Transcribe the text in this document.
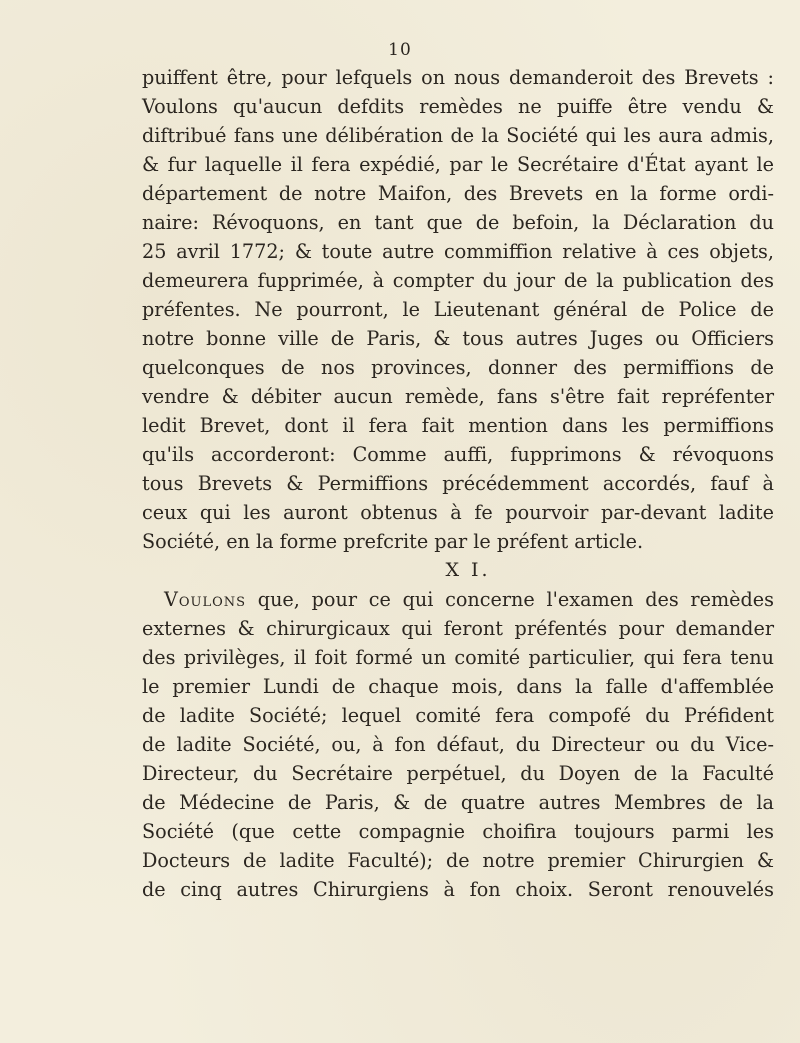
10
puiffent être, pour lefquels on nous demanderoit des Brevets :
Voulons qu'aucun defdits remèdes ne puiffe être vendu &
diftribué fans une délibération de la Société qui les aura admis,
& fur laquelle il fera expédié, par le Secrétaire d'État ayant le
département de notre Maifon, des Brevets en la forme ordi-
naire: Révoquons, en tant que de befoin, la Déclaration du
25 avril 1772; & toute autre commiffion relative à ces objets,
demeurera fupprimée, à compter du jour de la publication des
préfentes. Ne pourront, le Lieutenant général de Police de
notre bonne ville de Paris, & tous autres Juges ou Officiers
quelconques de nos provinces, donner des permiffions de
vendre & débiter aucun remède, fans s'être fait repréfenter
ledit Brevet, dont il fera fait mention dans les permiffions
qu'ils accorderont: Comme auffi, fupprimons & révoquons
tous Brevets & Permiffions précédemment accordés, fauf à
ceux qui les auront obtenus à fe pourvoir par-devant ladite
Société, en la forme prefcrite par le préfent article.
X I.
Voulons que, pour ce qui concerne l'examen des remèdes
externes & chirurgicaux qui feront préfentés pour demander
des privilèges, il foit formé un comité particulier, qui fera tenu
le premier Lundi de chaque mois, dans la falle d'affemblée
de ladite Société; lequel comité fera compofé du Préfident
de ladite Société, ou, à fon défaut, du Directeur ou du Vice-
Directeur, du Secrétaire perpétuel, du Doyen de la Faculté
de Médecine de Paris, & de quatre autres Membres de la
Société (que cette compagnie choifira toujours parmi les
Docteurs de ladite Faculté); de notre premier Chirurgien &
de cinq autres Chirurgiens à fon choix. Seront renouvelés
